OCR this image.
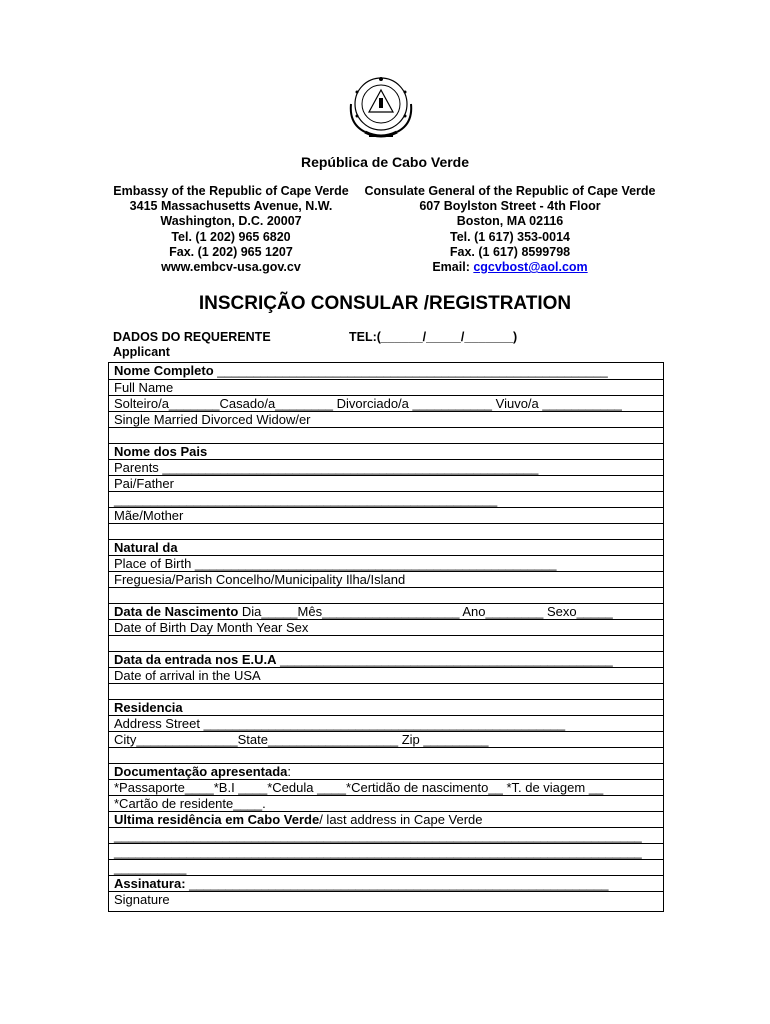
República de Cabo Verde
Embassy of the Republic of Cape Verde
3415 Massachusetts Avenue, N.W.
Washington, D.C. 20007
Tel. (1 202) 965 6820
Fax. (1 202) 965 1207
www.embcv-usa.gov.cv
Consulate General of the Republic of Cape Verde
607 Boylston Street - 4th Floor
Boston, MA 02116
Tel. (1 617) 353-0014
Fax. (1 617) 8599798
Email: cgcvbost@aol.com
INSCRIÇÃO CONSULAR /REGISTRATION
DADOS DO REQUERENTE
Applicant
TEL:(______/_____/_______)
Nome Completo ______________________________________________________
Full Name
Solteiro/a_______Casado/a________ Divorciado/a ___________ Viuvo/a ___________
Single Married Divorced Widow/er
Nome dos Pais
Parents ____________________________________________________
Pai/Father
_____________________________________________________
Mãe/Mother
Natural da
Place of Birth __________________________________________________
Freguesia/Parish Concelho/Municipality Ilha/Island
Data de Nascimento Dia_____Mês___________________ Ano________ Sexo_____
Date of Birth Day Month Year Sex
Data da entrada nos E.U.A ______________________________________________
Date of arrival in the USA
Residencia
Address Street __________________________________________________
City______________State__________________ Zip _________
Documentação apresentada:
*Passaporte____*B.I ____*Cedula ____*Certidão de nascimento__ *T. de viagem __
*Cartão de residente____.
Ultima residência em Cabo Verde/ last address in Cape Verde
_________________________________________________________________________
_________________________________________________________________________
__________
Assinatura: __________________________________________________________
Signature
